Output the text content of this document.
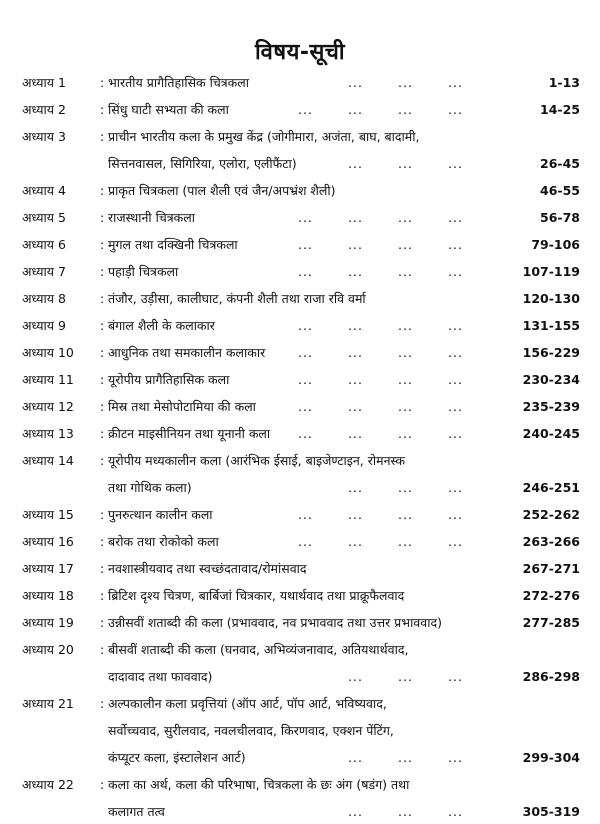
विषय-सूची
अध्याय 1	: भारतीय प्रागैतिहासिक चित्रकला	...	...	...	1-13
अध्याय 2	: सिंधु घाटी सभ्यता की कला	...	...	...	...	14-25
अध्याय 3	: प्राचीन भारतीय कला के प्रमुख केंद्र (जोगीमारा, अजंता, बाघ, बादामी,
सित्तनवासल, सिगिरिया, एलोरा, एलीफैंटा)	...	...	...	26-45
अध्याय 4	: प्राकृत चित्रकला (पाल शैली एवं जैन/अपभ्रंश शैली)	46-55
अध्याय 5	: राजस्थानी चित्रकला	...	...	...	...	56-78
अध्याय 6	: मुगल तथा दक्खिनी चित्रकला	...	...	...	...	79-106
अध्याय 7	: पहाड़ी चित्रकला	...	...	...	...	107-119
अध्याय 8	: तंजौर, उड़ीसा, कालीघाट, कंपनी शैली तथा राजा रवि वर्मा	120-130
अध्याय 9	: बंगाल शैली के कलाकार	...	...	...	...	131-155
अध्याय 10 : आधुनिक तथा समकालीन कलाकार	...	...	...	...	156-229
अध्याय 11 : यूरोपीय प्रागैतिहासिक कला	...	...	...	...	230-234
अध्याय 12 : मिस्र तथा मेसोपोटामिया की कला	...	...	...	...	235-239
अध्याय 13 : क्रीटन माइसीनियन तथा यूनानी कला ...	...	...	...	240-245
अध्याय 14 : यूरोपीय मध्यकालीन कला (आरंभिक ईसाई, बाइजेण्टाइन, रोमनस्क
तथा गोथिक कला)	...	...	...	246-251
अध्याय 15 : पुनरुत्थान कालीन कला	...	...	...	...	252-262
अध्याय 16 : बरोक तथा रोकोको कला	...	...	...	...	263-266
अध्याय 17 : नवशास्त्रीयवाद तथा स्वच्छंदतावाद/रोमांसवाद	267-271
अध्याय 18 : ब्रिटिश दृश्य चित्रण, बार्बिजां चित्रकार, यथार्थवाद तथा प्राक्रूफैलवाद	272-276
अध्याय 19 : उन्नीसवीं शताब्दी की कला (प्रभाववाद, नव प्रभाववाद तथा उत्तर प्रभाववाद)	277-285
अध्याय 20 : बीसवीं शताब्दी की कला (घनवाद, अभिव्यंजनावाद, अतियथार्थवाद,
दादावाद तथा फाववाद)	...	...	...	286-298
अध्याय 21 : अल्पकालीन कला प्रवृत्तियां (ऑप आर्ट, पॉप आर्ट, भविष्यवाद,
सर्वोच्चवाद, सुरीलवाद, नवलचीलवाद, किरणवाद, एक्शन पेंटिंग,
कंप्यूटर कला, इंस्टालेशन आर्ट)	...	...	...	299-304
अध्याय 22 : कला का अर्थ, कला की परिभाषा, चित्रकला के छः अंग (षडंग) तथा
कलागत तत्व	...	...	...	305-319
